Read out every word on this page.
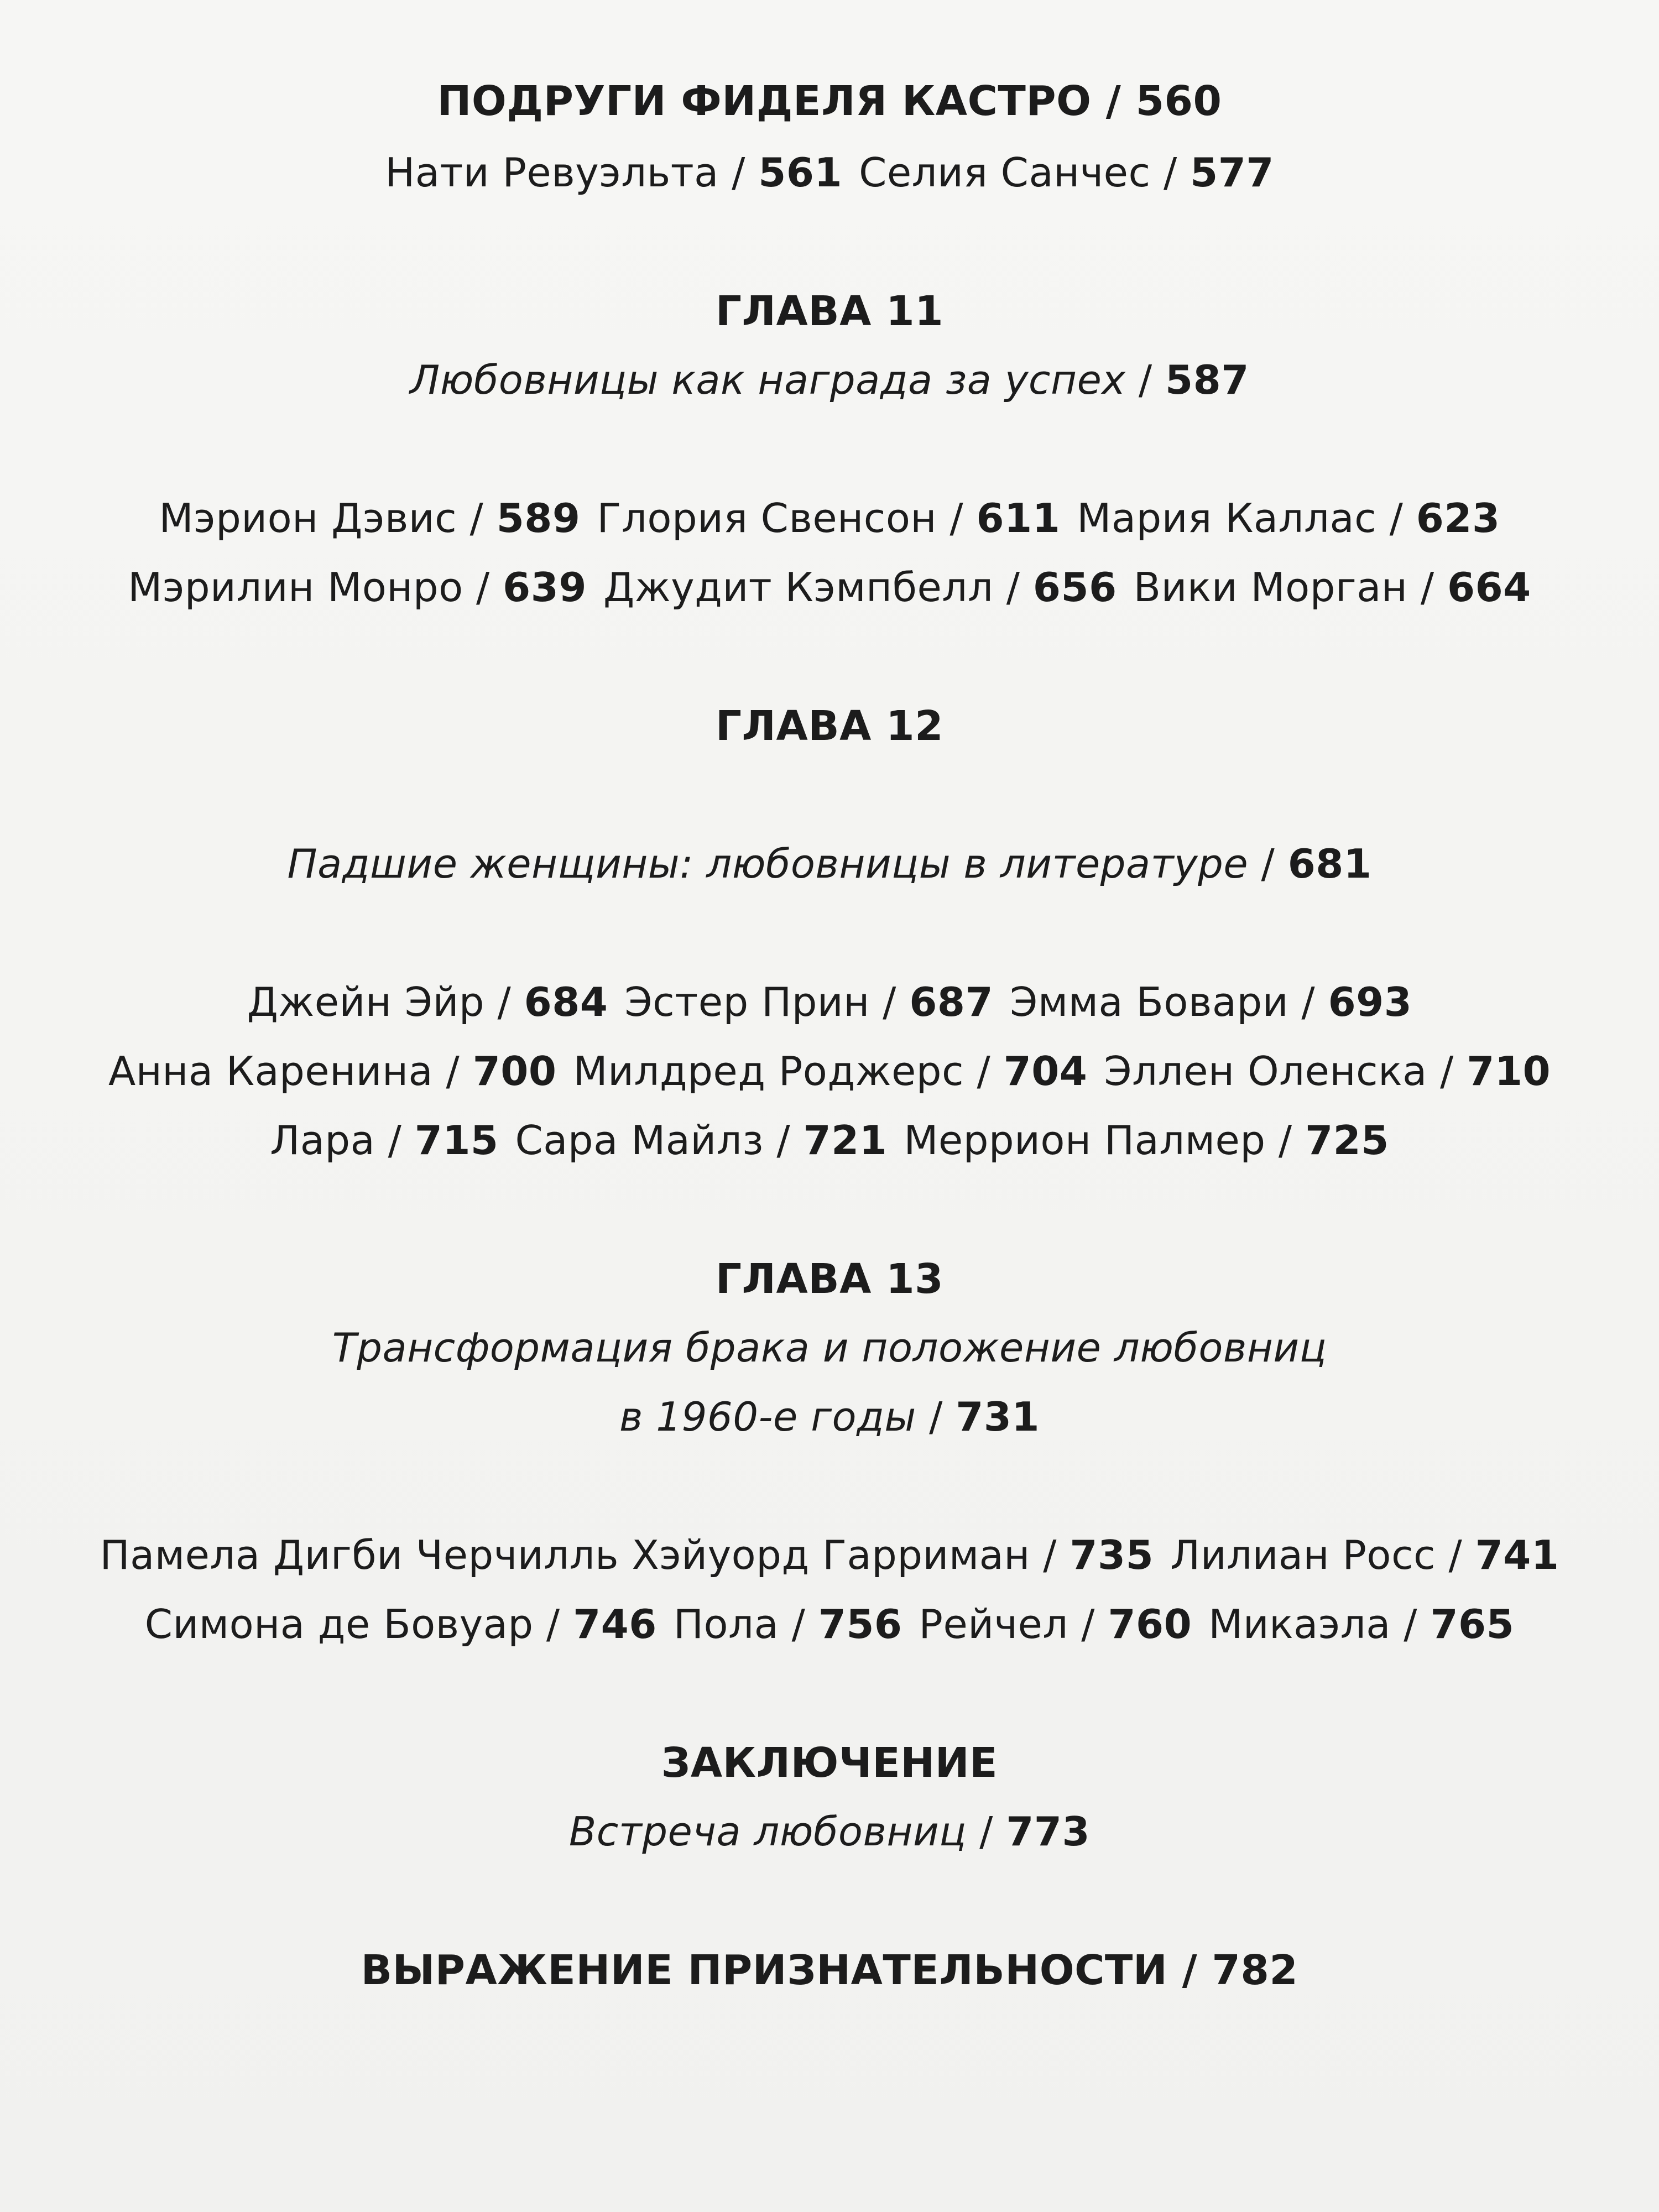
ПОДРУГИ ФИДЕЛЯ КАСТРО / 560
Нати Ревуэльта / 561 Селия Санчес / 577
ГЛАВА 11
Любовницы как награда за успех / 587
Мэрион Дэвис / 589 Глория Свенсон / 611 Мария Каллас / 623
Мэрилин Монро / 639 Джудит Кэмпбелл / 656 Вики Морган / 664
ГЛАВА 12
Падшие женщины: любовницы в литературе / 681
Джейн Эйр / 684 Эстер Прин / 687 Эмма Бовари / 693
Анна Каренина / 700 Милдред Роджерс / 704 Эллен Оленска / 710
Лара / 715 Сара Майлз / 721 Меррион Палмер / 725
ГЛАВА 13
Трансформация брака и положение любовниц
в 1960-е годы / 731
Памела Дигби Черчилль Хэйуорд Гарриман / 735 Лилиан Росс / 741
Симона де Бовуар / 746 Пола / 756 Рейчел / 760 Микаэла / 765
ЗАКЛЮЧЕНИЕ
Встреча любовниц / 773
ВЫРАЖЕНИЕ ПРИЗНАТЕЛЬНОСТИ / 782
